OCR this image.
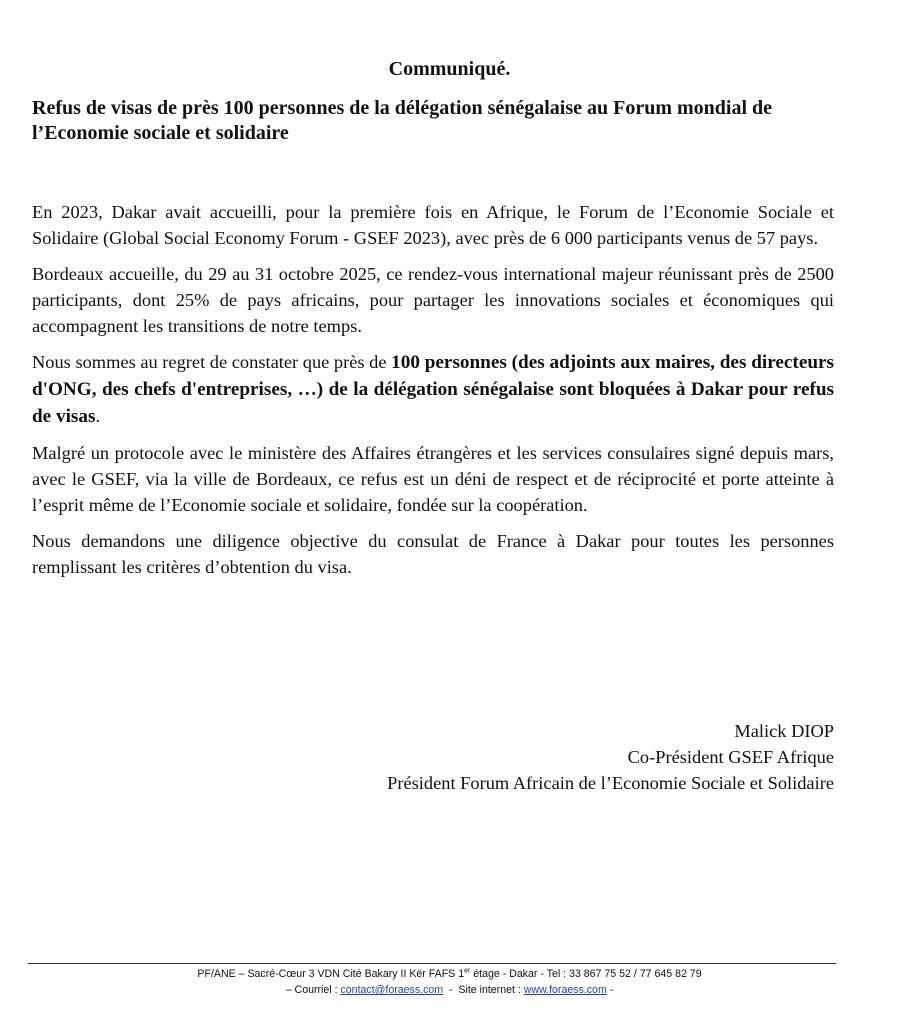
Communiqué.
Refus de visas de près 100 personnes de la délégation sénégalaise au Forum mondial de l’Economie sociale et solidaire

En 2023, Dakar avait accueilli, pour la première fois en Afrique, le Forum de l’Economie Sociale et Solidaire (Global Social Economy Forum - GSEF 2023), avec près de 6 000 participants venus de 57 pays.

Bordeaux accueille, du 29 au 31 octobre 2025, ce rendez-vous international majeur réunissant près de 2500 participants, dont 25% de pays africains, pour partager les innovations sociales et économiques qui accompagnent les transitions de notre temps.

Nous sommes au regret de constater que près de 100 personnes (des adjoints aux maires, des directeurs d'ONG, des chefs d'entreprises, …) de la délégation sénégalaise sont bloquées à Dakar pour refus de visas.

Malgré un protocole avec le ministère des Affaires étrangères et les services consulaires signé depuis mars, avec le GSEF, via la ville de Bordeaux, ce refus est un déni de respect et de réciprocité et porte atteinte à l’esprit même de l’Economie sociale et solidaire, fondée sur la coopération.

Nous demandons une diligence objective du consulat de France à Dakar pour toutes les personnes remplissant les critères d’obtention du visa.

Malick DIOP
Co-Président GSEF Afrique
Président Forum Africain de l’Economie Sociale et Solidaire
PF/ANE – Sacré-Cœur 3 VDN Cité Bakary II Kër FAFS 1er étage - Dakar - Tel : 33 867 75 52 / 77 645 82 79
– Courriel : contact@foraess.com  -  Site internet : www.foraess.com -
